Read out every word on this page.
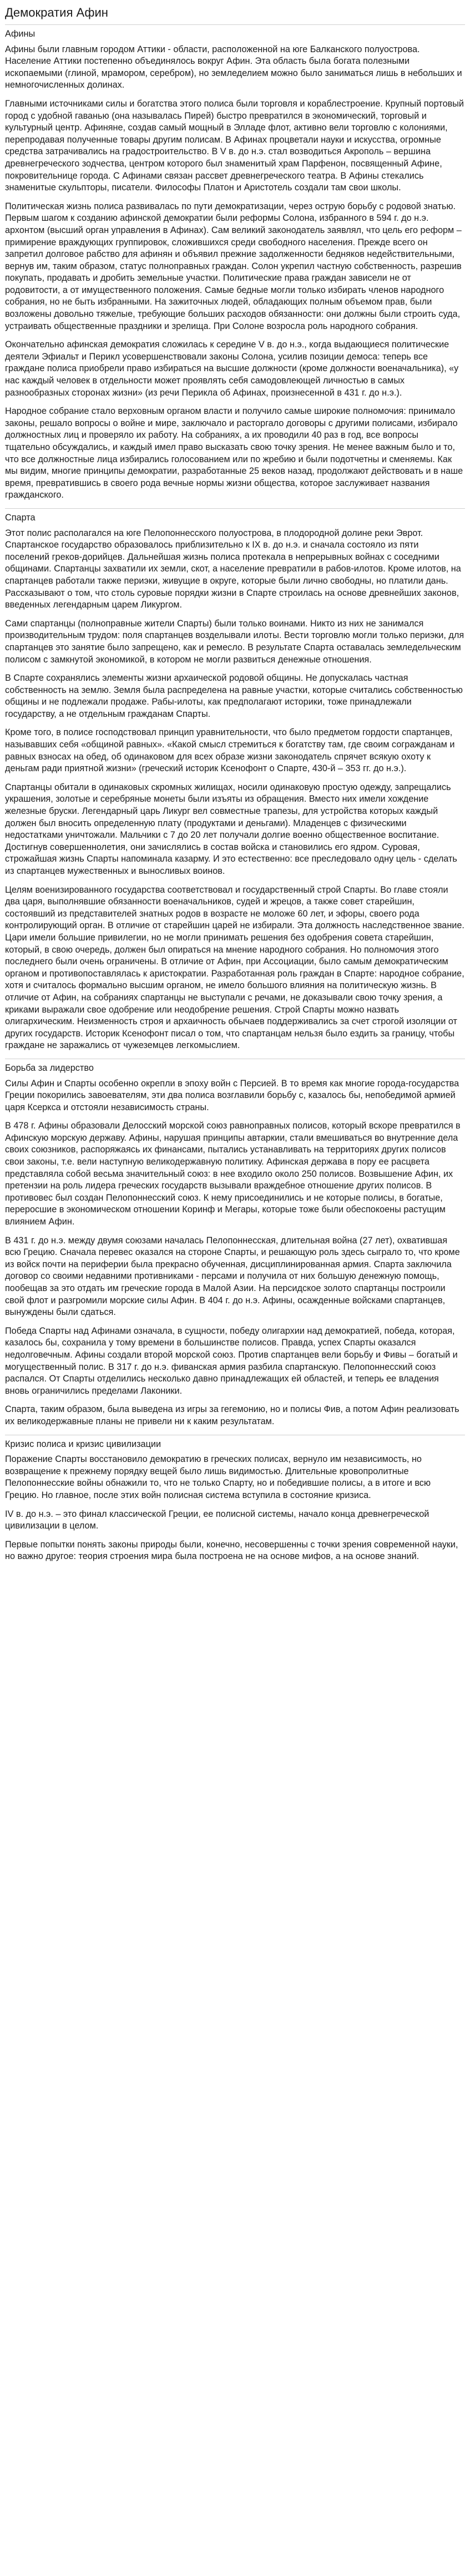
Демократия Афин
Афины

Афины были главным городом Аттики - области, расположенной на юге Балканского полуострова. Население Аттики постепенно объединялось вокруг Афин. Эта область была богата полезными ископаемыми (глиной, мрамором, серебром), но земледелием можно было заниматься лишь в небольших и немногочисленных долинах.

Главными источниками силы и богатства этого полиса были торговля и кораблестроение. Крупный портовый город с удобной гаванью (она называлась Пирей) быстро превратился в экономический, торговый и культурный центр. Афиняне, создав самый мощный в Элладе флот, активно вели торговлю с колониями, перепродавая полученные товары другим полисам. В Афинах процветали науки и искусства, огромные средства затрачивались на градостроительство. В V в. до н.э. стал возводиться Акрополь – вершина древнегреческого зодчества, центром которого был знаменитый храм Парфенон, посвященный Афине, покровительнице города. С Афинами связан рассвет древнегреческого театра. В Афины стекались знаменитые скульпторы, писатели. Философы Платон и Аристотель создали там свои школы.

Политическая жизнь полиса развивалась по пути демократизации, через острую борьбу с родовой знатью. Первым шагом к созданию афинской демократии были реформы Солона, избранного в 594 г. до н.э. архонтом (высший орган управления в Афинах). Сам великий законодатель заявлял, что цель его реформ – примирение враждующих группировок, сложившихся среди свободного населения. Прежде всего он запретил долговое рабство для афинян и объявил прежние задолженности бедняков недействительными, вернув им, таким образом, статус полноправных граждан. Солон укрепил частную собственность, разрешив покупать, продавать и дробить земельные участки. Политические права граждан зависели не от родовитости, а от имущественного положения. Самые бедные могли только избирать членов народного собрания, но не быть избранными. На зажиточных людей, обладающих полным объемом прав, были возложены довольно тяжелые, требующие больших расходов обязанности: они должны были строить суда, устраивать общественные праздники и зрелища. При Солоне возросла роль народного собрания.

Окончательно афинская демократия сложилась к середине V в. до н.э., когда выдающиеся политические деятели Эфиальт и Перикл усовершенствовали законы Солона, усилив позиции демоса: теперь все граждане полиса приобрели право избираться на высшие должности (кроме должности военачальника), «у нас каждый человек в отдельности может проявлять себя самодовлеющей личностью в самых разнообразных сторонах жизни» (из речи Перикла об Афинах, произнесенной в 431 г. до н.э.).

Народное собрание стало верховным органом власти и получило самые широкие полномочия: принимало законы, решало вопросы о войне и мире, заключало и расторгало договоры с другими полисами, избирало должностных лиц и проверяло их работу. На собраниях, а их проводили 40 раз в год, все вопросы тщательно обсуждались, и каждый имел право высказать свою точку зрения. Не менее важным было и то, что все должностные лица избирались голосованием или по жребию и были подотчетны и сменяемы. Как мы видим, многие принципы демократии, разработанные 25 веков назад, продолжают действовать и в наше время, превратившись в своего рода вечные нормы жизни общества, которое заслуживает названия гражданского.

Спарта

Этот полис располагался на юге Пелопоннесского полуострова, в плодородной долине реки Эврот. Спартанское государство образовалось приблизительно к IX в. до н.э. и сначала состояло из пяти поселений греков-дорийцев. Дальнейшая жизнь полиса протекала в непрерывных войнах с соседними общинами. Спартанцы захватили их земли, скот, а население превратили в рабов-илотов. Кроме илотов, на спартанцев работали также периэки, живущие в округе, которые были лично свободны, но платили дань. Рассказывают о том, что столь суровые порядки жизни в Спарте строилась на основе древнейших законов, введенных легендарным царем Ликургом.

Сами спартанцы (полноправные жители Спарты) были только воинами. Никто из них не занимался производительным трудом: поля спартанцев возделывали илоты. Вести торговлю могли только периэки, для спартанцев это занятие было запрещено, как и ремесло. В результате Спарта оставалась земледельческим полисом с замкнутой экономикой, в котором не могли развиться денежные отношения.

В Спарте сохранялись элементы жизни архаической родовой общины. Не допускалась частная собственность на землю. Земля была распределена на равные участки, которые считались собственностью общины и не подлежали продаже. Рабы-илоты, как предполагают историки, тоже принадлежали государству, а не отдельным гражданам Спарты.

Кроме того, в полисе господствовал принцип уравнительности, что было предметом гордости спартанцев, называвших себя «общиной равных». «Какой смысл стремиться к богатству там, где своим согражданам и равных взносах на обед, об одинаковом для всех образе жизни законодатель спрячет всякую охоту к деньгам ради приятной жизни» (греческий историк Ксенофонт о Спарте, 430-й – 353 гг. до н.э.).

Спартанцы обитали в одинаковых скромных жилищах, носили одинаковую простую одежду, запрещались украшения, золотые и серебряные монеты были изъяты из обращения. Вместо них имели хождение железные бруски. Легендарный царь Ликург вел совместные трапезы, для устройства которых каждый должен был вносить определенную плату (продуктами и деньгами). Младенцев с физическими недостатками уничтожали. Мальчики с 7 до 20 лет получали долгие военно общественное воспитание. Достигнув совершеннолетия, они зачислялись в состав войска и становились его ядром. Суровая, строжайшая жизнь Спарты напоминала казарму. И это естественно: все преследовало одну цель - сделать из спартанцев мужественных и выносливых воинов.

Целям военизированного государства соответствовал и государственный строй Спарты. Во главе стояли два царя, выполнявшие обязанности военачальников, судей и жрецов, а также совет старейшин, состоявший из представителей знатных родов в возрасте не моложе 60 лет, и эфоры, своего рода контролирующий орган. В отличие от старейшин царей не избирали. Эта должность наследственное звание. Цари имели большие привилегии, но не могли принимать решения без одобрения совета старейшин, который, в свою очередь, должен был опираться на мнение народного собрания. Но полномочия этого последнего были очень ограничены. В отличие от Афин, при Ассоциации, было самым демократическим органом и противопоставлялась к аристократии. Разработанная роль граждан в Спарте: народное собрание, хотя и считалось формально высшим органом, не имело большого влияния на политическую жизнь. В отличие от Афин, на собраниях спартанцы не выступали с речами, не доказывали свою точку зрения, а криками выражали свое одобрение или неодобрение решения. Строй Спарты можно назвать олигархическим. Неизменность строя и архаичность обычаев поддерживались за счет строгой изоляции от других государств. Историк Ксенофонт писал о том, что спартанцам нельзя было ездить за границу, чтобы граждане не заражались от чужеземцев легкомыслием.

Борьба за лидерство

Силы Афин и Спарты особенно окрепли в эпоху войн с Персией. В то время как многие города-государства Греции покорились завоевателям, эти два полиса возглавили борьбу с, казалось бы, непобедимой армией царя Ксеркса и отстояли независимость страны.

В 478 г. Афины образовали Делосский морской союз равноправных полисов, который вскоре превратился в Афинскую морскую державу. Афины, нарушая принципы автаркии, стали вмешиваться во внутренние дела своих союзников, распоряжаясь их финансами, пытались устанавливать на территориях других полисов свои законы, т.е. вели наступную великодержавную политику. Афинская держава в пору ее расцвета представляла собой весьма значительный союз: в нее входило около 250 полисов. Возвышение Афин, их претензии на роль лидера греческих государств вызывали враждебное отношение других полисов. В противовес был создан Пелопоннесский союз. К нему присоединились и не которые полисы, в богатые, переросшие в экономическом отношении Коринф и Мегары, которые тоже были обеспокоены растущим влиянием Афин.

В 431 г. до н.э. между двумя союзами началась Пелопоннесская, длительная война (27 лет), охватившая всю Грецию. Сначала перевес оказался на стороне Спарты, и решающую роль здесь сыграло то, что кроме из войск почти на периферии была прекрасно обученная, дисциплинированная армия. Спарта заключила договор со своими недавними противниками - персами и получила от них большую денежную помощь, пообещав за это отдать им греческие города в Малой Азии. На персидское золото спартанцы построили свой флот и разгромили морские силы Афин. В 404 г. до н.э. Афины, осажденные войсками спартанцев, вынуждены были сдаться.

Победа Спарты над Афинами означала, в сущности, победу олигархии над демократией, победа, которая, казалось бы, сохранила у тому времени в большинстве полисов. Правда, успех Спарты оказался недолговечным. Афины создали второй морской союз. Против спартанцев вели борьбу и Фивы – богатый и могущественный полис. В 317 г. до н.э. фиванская армия разбила спартанскую. Пелопоннесский союз распался. От Спарты отделились несколько давно принадлежащих ей областей, и теперь ее владения вновь ограничились пределами Лаконики.

Спарта, таким образом, была выведена из игры за гегемонию, но и полисы Фив, а потом Афин реализовать их великодержавные планы не привели ни к каким результатам.

Кризис полиса и кризис цивилизации

Поражение Спарты восстановило демократию в греческих полисах, вернуло им независимость, но возвращение к прежнему порядку вещей было лишь видимостью. Длительные кровопролитные Пелопоннесские войны обнажили то, что не только Спарту, но и победившие полисы, а в итоге и всю Грецию. Но главное, после этих войн полисная система вступила в состояние кризиса.

IV в. до н.э. – это финал классической Греции, ее полисной системы, начало конца древнегреческой цивилизации в целом.

Первые попытки понять законы природы были, конечно, несовершенны с точки зрения современной науки, но важно другое: теория строения мира была построена не на основе мифов, а на основе знаний.
